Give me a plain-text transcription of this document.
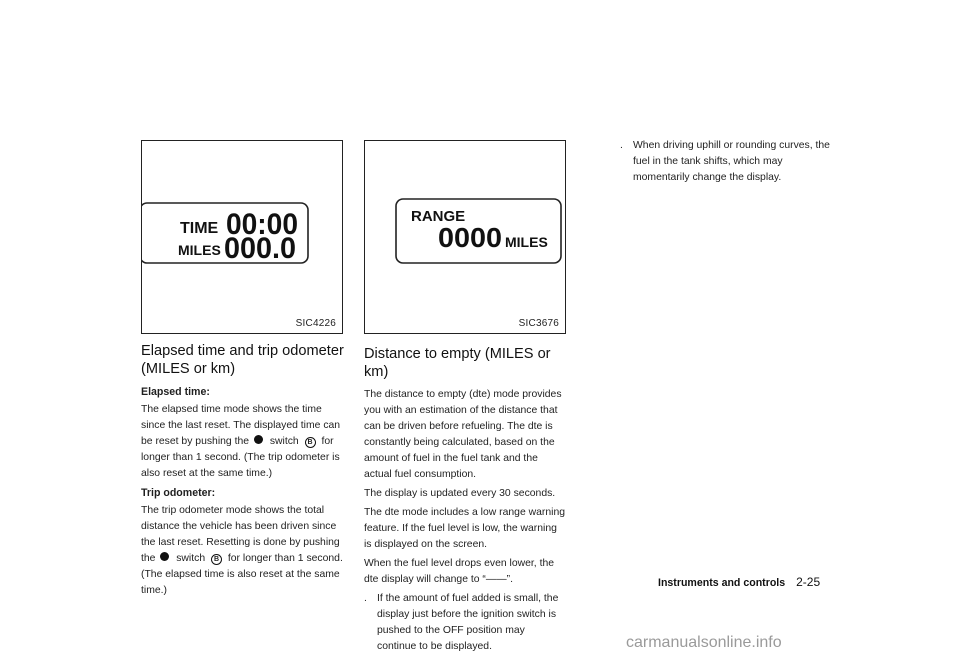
TIME 00:00
MILES 000.0
SIC4226
RANGE
0000 MILES
SIC3676
Elapsed time and trip odometer (MILES or km)
Elapsed time:

The elapsed time mode shows the time since the last reset. The displayed time can be reset by pushing the switch B for longer than 1 second. (The trip odometer is also reset at the same time.)

Trip odometer:

The trip odometer mode shows the total distance the vehicle has been driven since the last reset. Resetting is done by pushing the switch B for longer than 1 second. (The elapsed time is also reset at the same time.)

Distance to empty (MILES or km)

The distance to empty (dte) mode provides you with an estimation of the distance that can be driven before refueling. The dte is constantly being calculated, based on the amount of fuel in the fuel tank and the actual fuel consumption.

The display is updated every 30 seconds.

The dte mode includes a low range warning feature. If the fuel level is low, the warning is displayed on the screen.

When the fuel level drops even lower, the dte display will change to “——”.

. If the amount of fuel added is small, the display just before the ignition switch is pushed to the OFF position may continue to be displayed.
. When driving uphill or rounding curves, the fuel in the tank shifts, which may momentarily change the display.
Instruments and controls 2-25
carmanualsonline.info
